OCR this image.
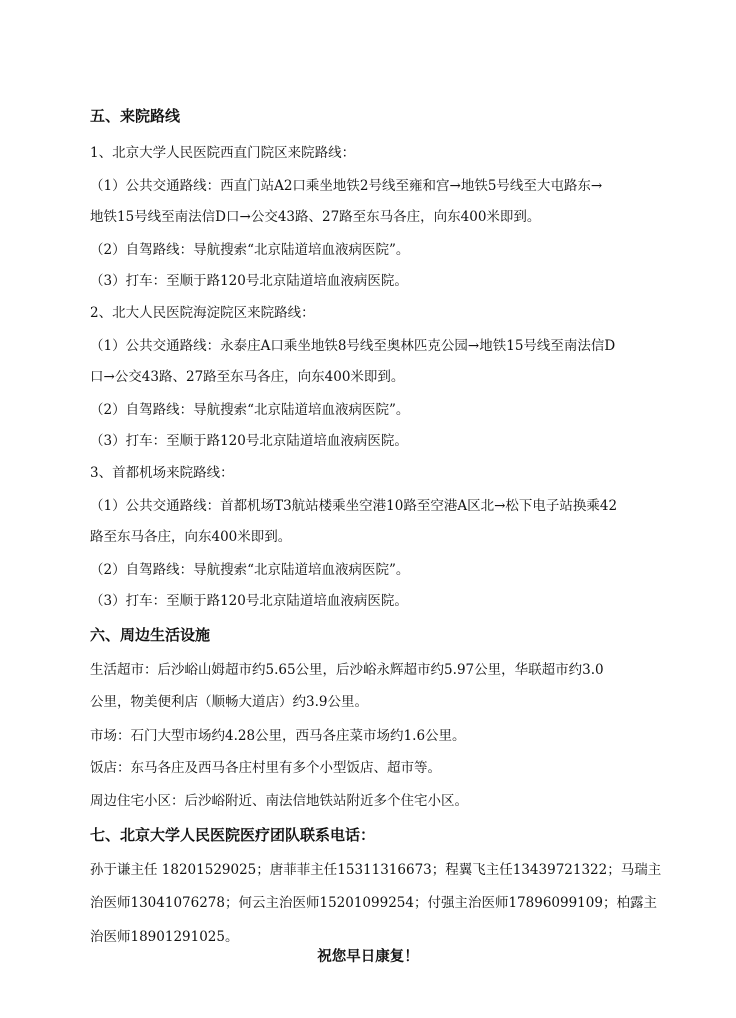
五、来院路线
1、北京大学人民医院西直门院区来院路线：
（1）公共交通路线：西直门站A2口乘坐地铁2号线至雍和宫→地铁5号线至大屯路东→
地铁15号线至南法信D口→公交43路、27路至东马各庄，向东400米即到。
（2）自驾路线：导航搜索“北京陆道培血液病医院”。
（3）打车：至顺于路120号北京陆道培血液病医院。
2、北大人民医院海淀院区来院路线：
（1）公共交通路线：永泰庄A口乘坐地铁8号线至奥林匹克公园→地铁15号线至南法信D
口→公交43路、27路至东马各庄，向东400米即到。
（2）自驾路线：导航搜索“北京陆道培血液病医院”。
（3）打车：至顺于路120号北京陆道培血液病医院。
3、首都机场来院路线：
（1）公共交通路线：首都机场T3航站楼乘坐空港10路至空港A区北→松下电子站换乘42
路至东马各庄，向东400米即到。
（2）自驾路线：导航搜索“北京陆道培血液病医院”。
（3）打车：至顺于路120号北京陆道培血液病医院。
六、周边生活设施
生活超市：后沙峪山姆超市约5.65公里，后沙峪永辉超市约5.97公里，华联超市约3.0
公里，物美便利店（顺畅大道店）约3.9公里。
市场：石门大型市场约4.28公里，西马各庄菜市场约1.6公里。
饭店：东马各庄及西马各庄村里有多个小型饭店、超市等。
周边住宅小区：后沙峪附近、南法信地铁站附近多个住宅小区。
七、北京大学人民医院医疗团队联系电话：
孙于谦主任 18201529025；唐菲菲主任15311316673；程翼飞主任13439721322；马瑞主
治医师13041076278；何云主治医师15201099254；付强主治医师17896099109；柏露主
治医师18901291025。
祝您早日康复！
